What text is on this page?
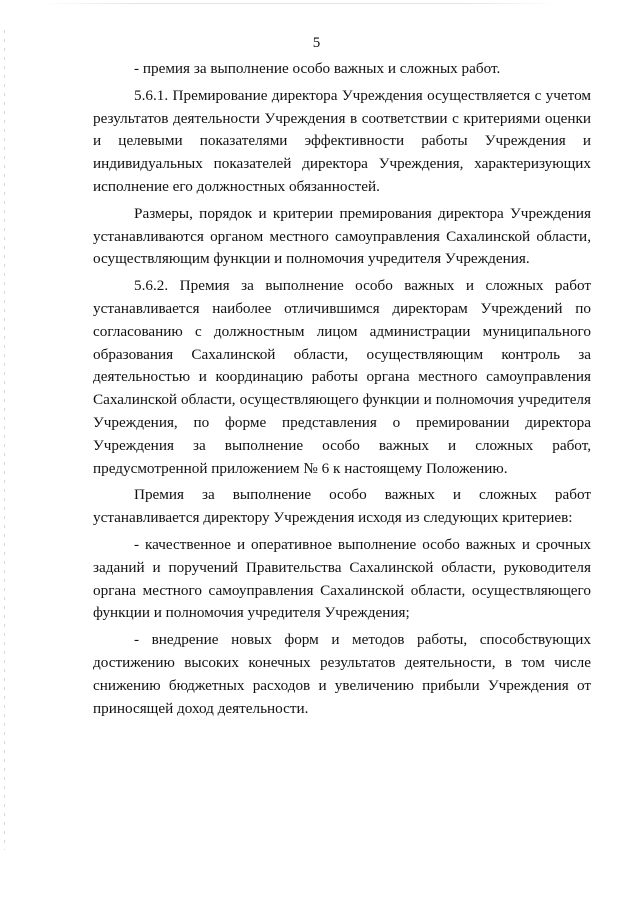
5

- премия за выполнение особо важных и сложных работ.

5.6.1. Премирование директора Учреждения осуществляется с учетом результатов деятельности Учреждения в соответствии с критериями оценки и целевыми показателями эффективности работы Учреждения и индивидуальных показателей директора Учреждения, характеризующих исполнение его должностных обязанностей.

Размеры, порядок и критерии премирования директора Учреждения устанавливаются органом местного самоуправления Сахалинской области, осуществляющим функции и полномочия учредителя Учреждения.

5.6.2. Премия за выполнение особо важных и сложных работ устанавливается наиболее отличившимся директорам Учреждений по согласованию с должностным лицом администрации муниципального образования Сахалинской области, осуществляющим контроль за деятельностью и координацию работы органа местного самоуправления Сахалинской области, осуществляющего функции и полномочия учредителя Учреждения, по форме представления о премировании директора Учреждения за выполнение особо важных и сложных работ, предусмотренной приложением № 6 к настоящему Положению.

Премия за выполнение особо важных и сложных работ устанавливается директору Учреждения исходя из следующих критериев:

- качественное и оперативное выполнение особо важных и срочных заданий и поручений Правительства Сахалинской области, руководителя органа местного самоуправления Сахалинской области, осуществляющего функции и полномочия учредителя Учреждения;

- внедрение новых форм и методов работы, способствующих достижению высоких конечных результатов деятельности, в том числе снижению бюджетных расходов и увеличению прибыли Учреждения от приносящей доход деятельности.
